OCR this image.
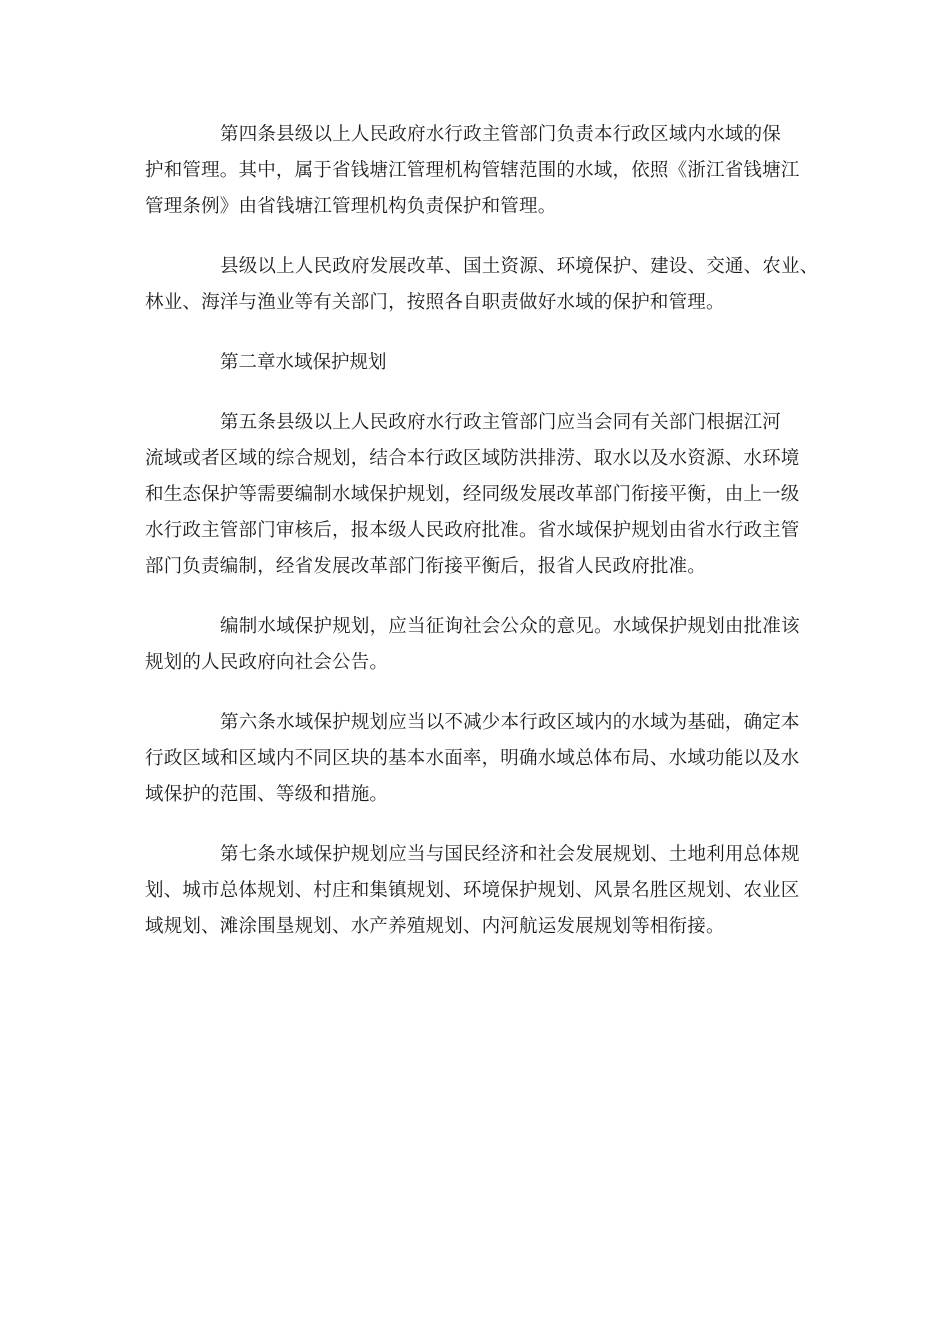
第四条县级以上人民政府水行政主管部门负责本行政区域内水域的保
护和管理。其中，属于省钱塘江管理机构管辖范围的水域，依照《浙江省钱塘江
管理条例》由省钱塘江管理机构负责保护和管理。
县级以上人民政府发展改革、国土资源、环境保护、建设、交通、农业、
林业、海洋与渔业等有关部门，按照各自职责做好水域的保护和管理。
第二章水域保护规划
第五条县级以上人民政府水行政主管部门应当会同有关部门根据江河
流域或者区域的综合规划，结合本行政区域防洪排涝、取水以及水资源、水环境
和生态保护等需要编制水域保护规划，经同级发展改革部门衔接平衡，由上一级
水行政主管部门审核后，报本级人民政府批准。省水域保护规划由省水行政主管
部门负责编制，经省发展改革部门衔接平衡后，报省人民政府批准。
编制水域保护规划，应当征询社会公众的意见。水域保护规划由批准该
规划的人民政府向社会公告。
第六条水域保护规划应当以不减少本行政区域内的水域为基础，确定本
行政区域和区域内不同区块的基本水面率，明确水域总体布局、水域功能以及水
域保护的范围、等级和措施。
第七条水域保护规划应当与国民经济和社会发展规划、土地利用总体规
划、城市总体规划、村庄和集镇规划、环境保护规划、风景名胜区规划、农业区
域规划、滩涂围垦规划、水产养殖规划、内河航运发展规划等相衔接。
